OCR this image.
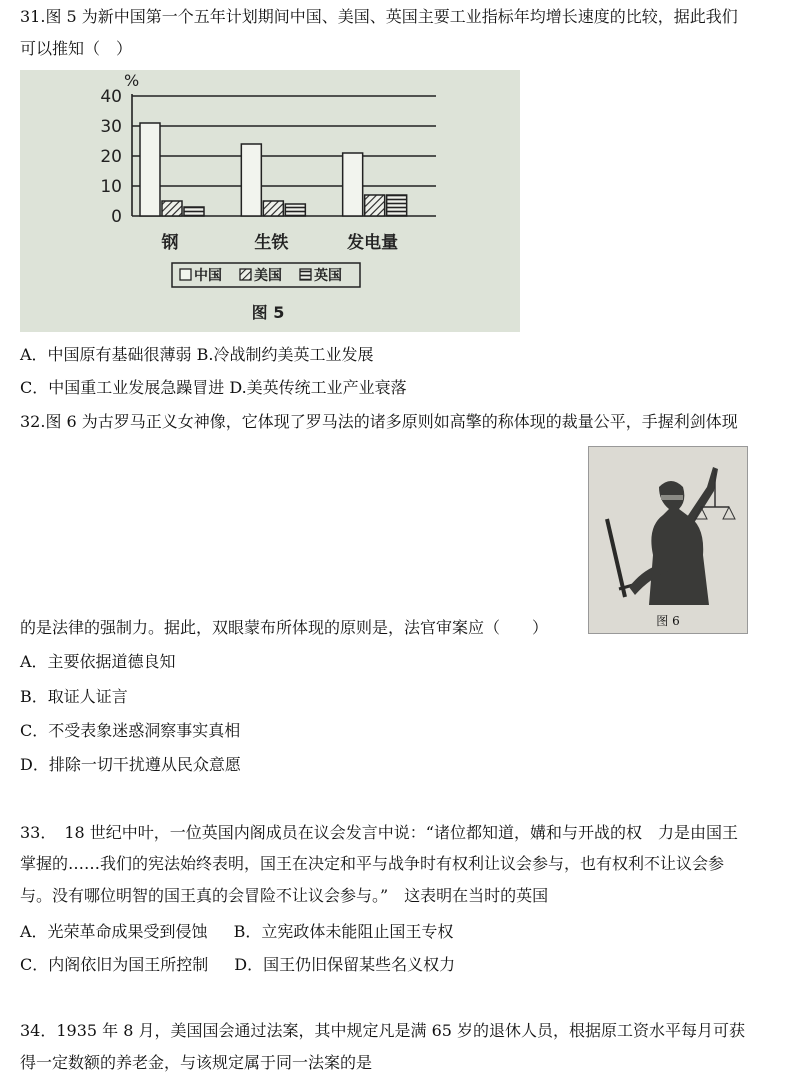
31.图 5 为新中国第一个五年计划期间中国、美国、英国主要工业指标年均增长速度的比较，据此我们
可以推知（　）
0
10
20
30
40
%
钢	生铁	发电量
中国 美国 英国
图 5
A．中国原有基础很薄弱 B.冷战制约美英工业发展
C．中国重工业发展急躁冒进 D.美英传统工业产业衰落
32.图 6 为古罗马正义女神像，它体现了罗马法的诸多原则如高擎的称体现的裁量公平，手握利剑体现
图 6
的是法律的强制力。据此，双眼蒙布所体现的原则是，法官审案应（　　）
A．主要依据道德良知
B．取证人证言
C．不受表象迷惑洞察事实真相
D．排除一切干扰遵从民众意愿
33．　18 世纪中叶，一位英国内阁成员在议会发言中说：“诸位都知道，媾和与开战的权　力是由国王
掌握的……我们的宪法始终表明，国王在决定和平与战争时有权利让议会参与，也有权利不让议会参
与。没有哪位明智的国王真的会冒险不让议会参与。”　这表明在当时的英国
A．光荣革命成果受到侵蚀 B．立宪政体未能阻止国王专权
C．内阁依旧为国王所控制 D．国王仍旧保留某些名义权力
34．1935 年 8 月，美国国会通过法案，其中规定凡是满 65 岁的退休人员，根据原工资水平每月可获
得一定数额的养老金，与该规定属于同一法案的是
